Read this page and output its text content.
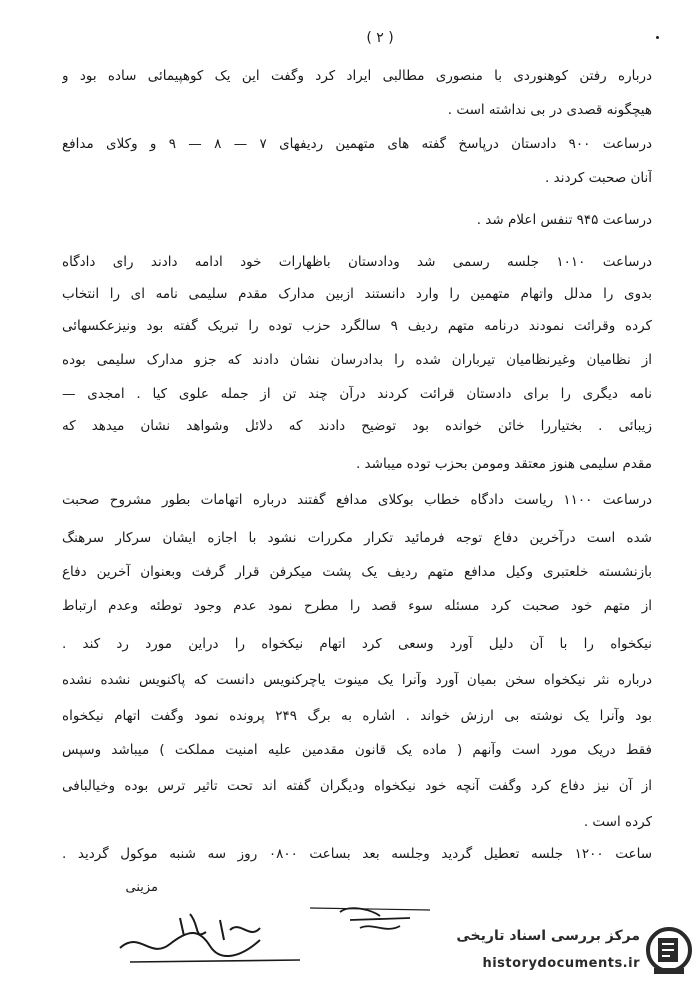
( ۲ )
درباره رفتن کوهنوردی با منصوری مطالبی ایراد کرد وگفت این یک کوهپیمائی ساده بود و
هیچگونه قصدی در بی نداشته است .
درساعت ۹۰۰ دادستان درپاسخ گفته های متهمین ردیفهای ۷ — ۸ — ۹ و وکلای مدافع
آنان صحبت کردند .
درساعت ۹۴۵ تنفس اعلام شد .
درساعت ۱۰۱۰ جلسه رسمی شد ودادستان باظهارات خود ادامه دادند رای دادگاه
بدوی را مدلل واتهام متهمین را وارد دانستند ازبین مدارک مقدم سلیمی نامه ای را انتخاب
کرده وقرائت نمودند درنامه متهم ردیف ۹ سالگرد حزب توده را تبریک گفته بود ونیزعکسهائی
از نظامیان وغیرنظامیان تیرباران شده را بدادرسان نشان دادند که جزو مدارک سلیمی بوده
نامه دیگری را برای دادستان قرائت کردند درآن چند تن از جمله علوی کیا . امجدی —
زیبائی . بختیاررا خائن خوانده بود توضیح دادند که دلائل وشواهد نشان میدهد که
مقدم سلیمی هنوز معتقد ومومن بحزب توده میباشد .
درساعت ۱۱۰۰ ریاست دادگاه خطاب بوکلای مدافع گفتند درباره اتهامات بطور مشروح صحبت
شده است درآخرین دفاع توجه فرمائید تکرار مکررات نشود با اجازه ایشان سرکار سرهنگ
بازنشسته خلعتبری وکیل مدافع متهم ردیف یک پشت میکرفن قرار گرفت وبعنوان آخرین دفاع
از متهم خود صحبت کرد مسئله سوء قصد را مطرح نمود عدم وجود توطئه وعدم ارتباط
نیکخواه را با آن دلیل آورد وسعی کرد اتهام نیکخواه را دراین مورد رد کند .
درباره نثر نیکخواه سخن بمیان آورد وآنرا یک مینوت یاچرکنویس دانست که پاکنویس نشده نشده
بود وآنرا یک نوشته بی ارزش خواند . اشاره به برگ ۲۴۹ پرونده نمود وگفت اتهام نیکخواه
فقط دریک مورد است وآنهم ( ماده یک قانون مقدمین علیه امنیت مملکت ) میباشد وسپس
از آن نیز دفاع کرد وگفت آنچه خود نیکخواه ودیگران گفته اند تحت تاثیر ترس بوده وخیالبافی
کرده است .
ساعت ۱۲۰۰ جلسه تعطیل گردید وجلسه بعد بساعت ۰۸۰۰ روز سه شنبه موکول گردید .
مزینی
مرکز بررسی اسناد تاریخی
historydocuments.ir
